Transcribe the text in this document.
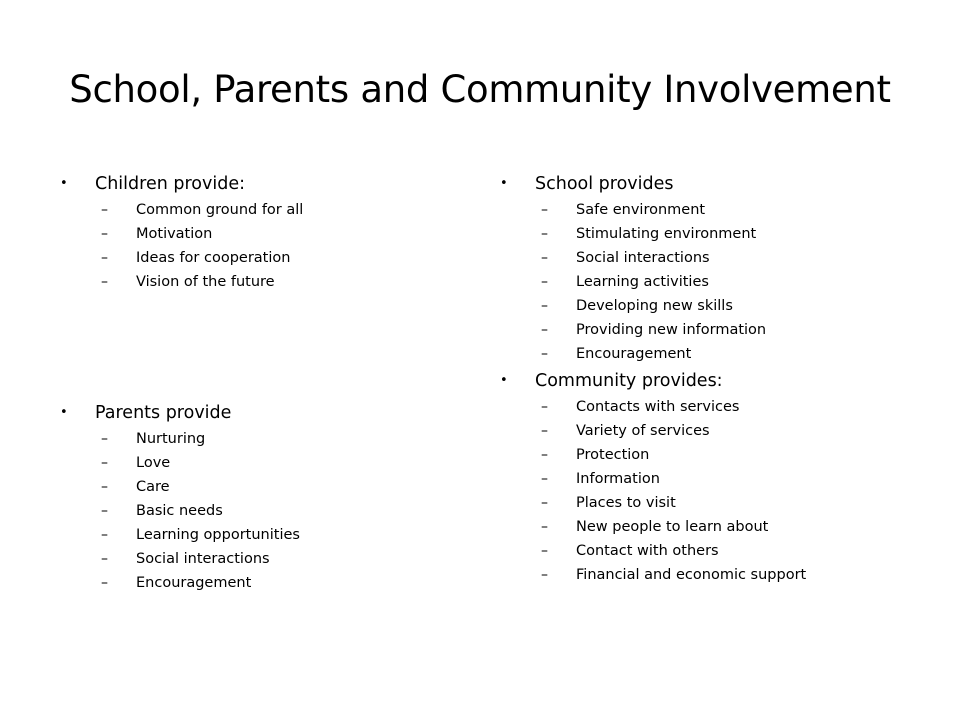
School, Parents and Community Involvement
• Children provide:
– Common ground for all
– Motivation
– Ideas for cooperation
– Vision of the future
• Parents provide
– Nurturing
– Love
– Care
– Basic needs
– Learning opportunities
– Social interactions
– Encouragement
• School provides
– Safe environment
– Stimulating environment
– Social interactions
– Learning activities
– Developing new skills
– Providing new information
– Encouragement
• Community provides:
– Contacts with services
– Variety of services
– Protection
– Information
– Places to visit
– New people to learn about
– Contact with others
– Financial and economic support
